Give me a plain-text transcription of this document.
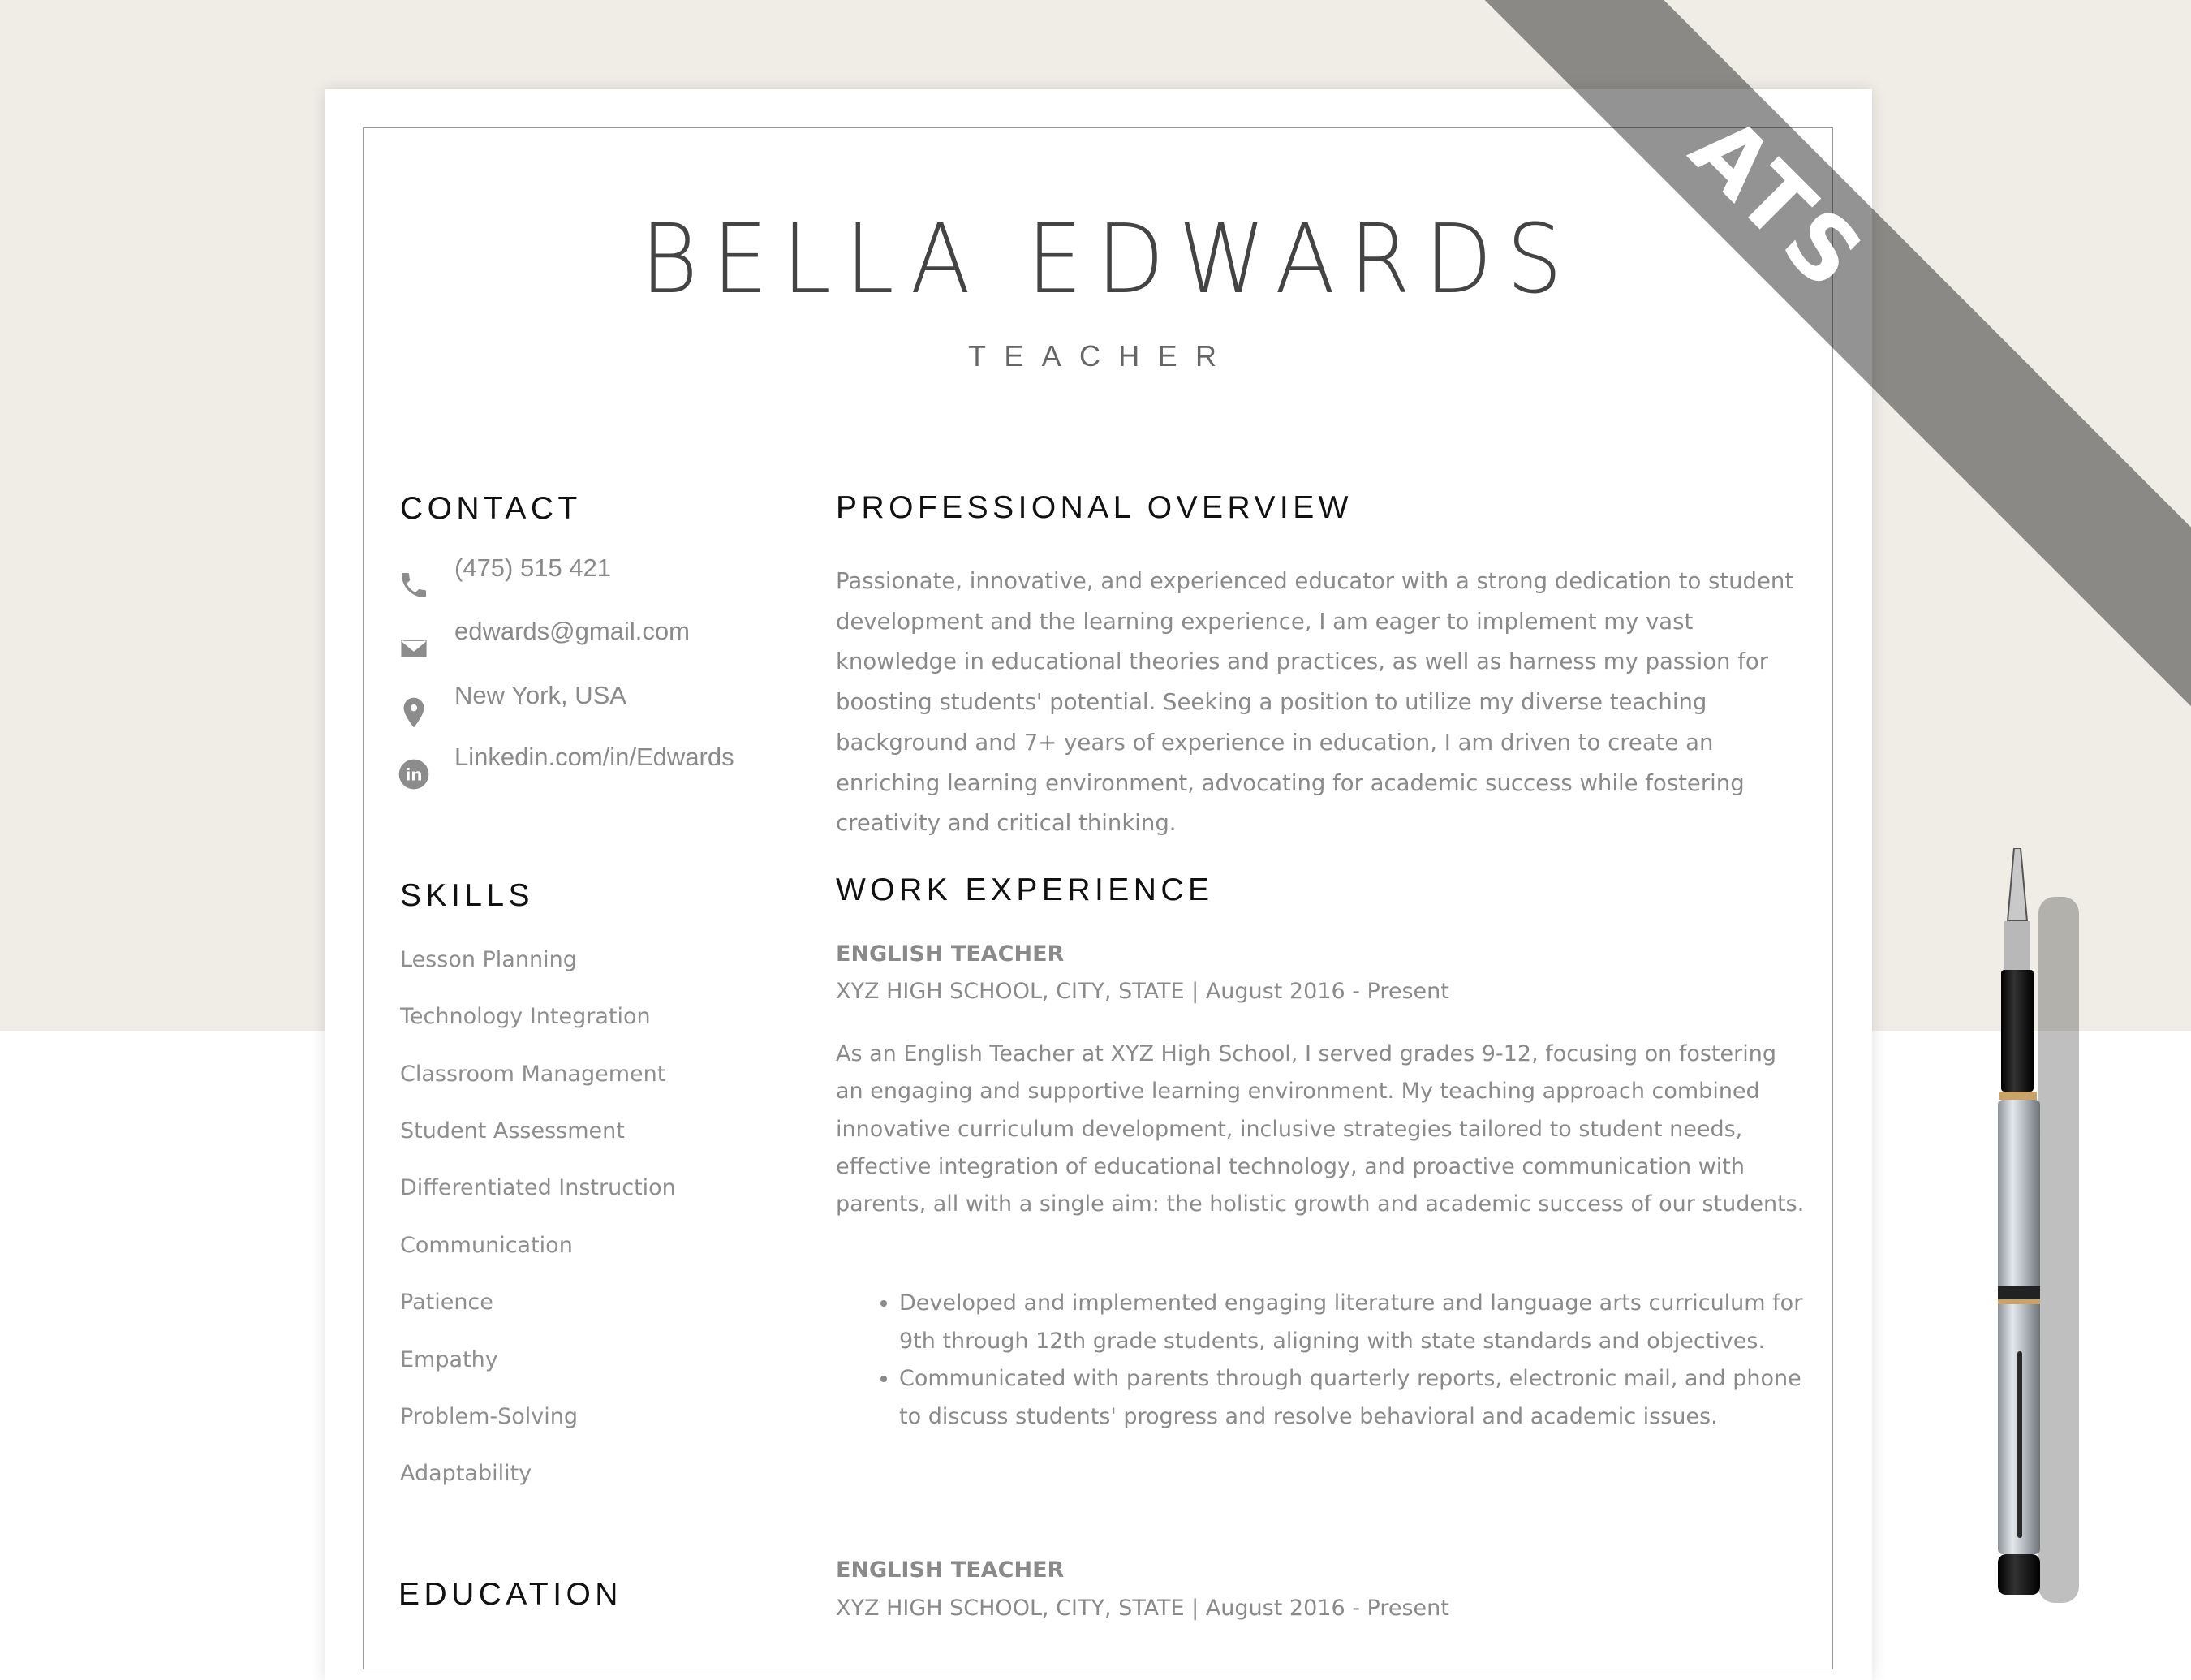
BELLA EDWARDS
TEACHER
CONTACT
(475) 515 421
edwards@gmail.com
New York, USA
in
Linkedin.com/in/Edwards
SKILLS
Lesson Planning
Technology Integration
Classroom Management
Student Assessment
Differentiated Instruction
Communication
Patience
Empathy
Problem-Solving
Adaptability
EDUCATION
PROFESSIONAL OVERVIEW
Passionate, innovative, and experienced educator with a strong dedication to student development and the learning experience, I am eager to implement my vast knowledge in educational theories and practices, as well as harness my passion for boosting students' potential. Seeking a position to utilize my diverse teaching background and 7+ years of experience in education, I am driven to create an enriching learning environment, advocating for academic success while fostering creativity and critical thinking.
WORK EXPERIENCE
ENGLISH TEACHER
XYZ HIGH SCHOOL, CITY, STATE | August 2016 - Present
As an English Teacher at XYZ High School, I served grades 9-12, focusing on fostering an engaging and supportive learning environment. My teaching approach combined innovative curriculum development, inclusive strategies tailored to student needs, effective integration of educational technology, and proactive communication with parents, all with a single aim: the holistic growth and academic success of our students.
• Developed and implemented engaging literature and language arts curriculum for 9th through 12th grade students, aligning with state standards and objectives.
• Communicated with parents through quarterly reports, electronic mail, and phone to discuss students' progress and resolve behavioral and academic issues.
ENGLISH TEACHER
XYZ HIGH SCHOOL, CITY, STATE | August 2016 - Present
ATS
